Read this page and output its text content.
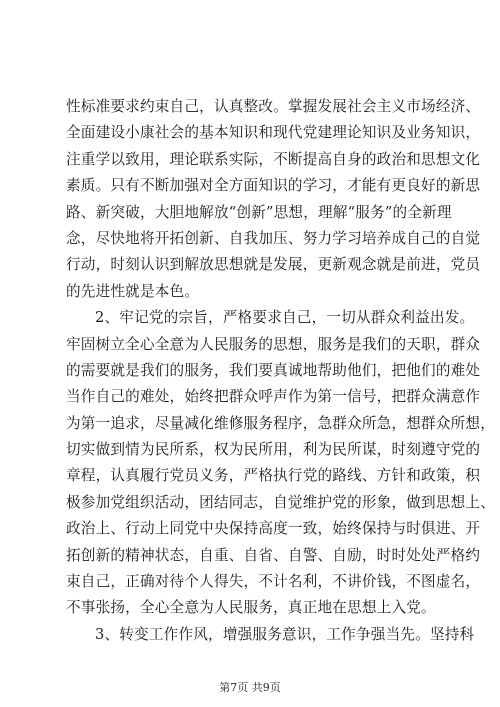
性标准要求约束自己，认真整改。掌握发展社会主义市场经济、
全面建设小康社会的基本知识和现代党建理论知识及业务知识，
注重学以致用，理论联系实际，不断提高自身的政治和思想文化
素质。只有不断加强对全方面知识的学习，才能有更良好的新思
路、新突破，大胆地解放“创新”思想，理解“服务”的全新理
念，尽快地将开拓创新、自我加压、努力学习培养成自己的自觉
行动，时刻认识到解放思想就是发展，更新观念就是前进，党员
的先进性就是本色。
2、牢记党的宗旨，严格要求自己，一切从群众利益出发。
牢固树立全心全意为人民服务的思想，服务是我们的天职，群众
的需要就是我们的服务，我们要真诚地帮助他们，把他们的难处
当作自己的难处，始终把群众呼声作为第一信号，把群众满意作
为第一追求，尽量减化维修服务程序，急群众所急，想群众所想，
切实做到情为民所系，权为民所用，利为民所谋，时刻遵守党的
章程，认真履行党员义务，严格执行党的路线、方针和政策，积
极参加党组织活动，团结同志，自觉维护党的形象，做到思想上、
政治上、行动上同党中央保持高度一致，始终保持与时俱进、开
拓创新的精神状态，自重、自省、自警、自励，时时处处严格约
束自己，正确对待个人得失，不计名利，不讲价钱，不图虚名，
不事张扬，全心全意为人民服务，真正地在思想上入党。
3、转变工作作风，增强服务意识，工作争强当先。坚持科
第7页 共9页
